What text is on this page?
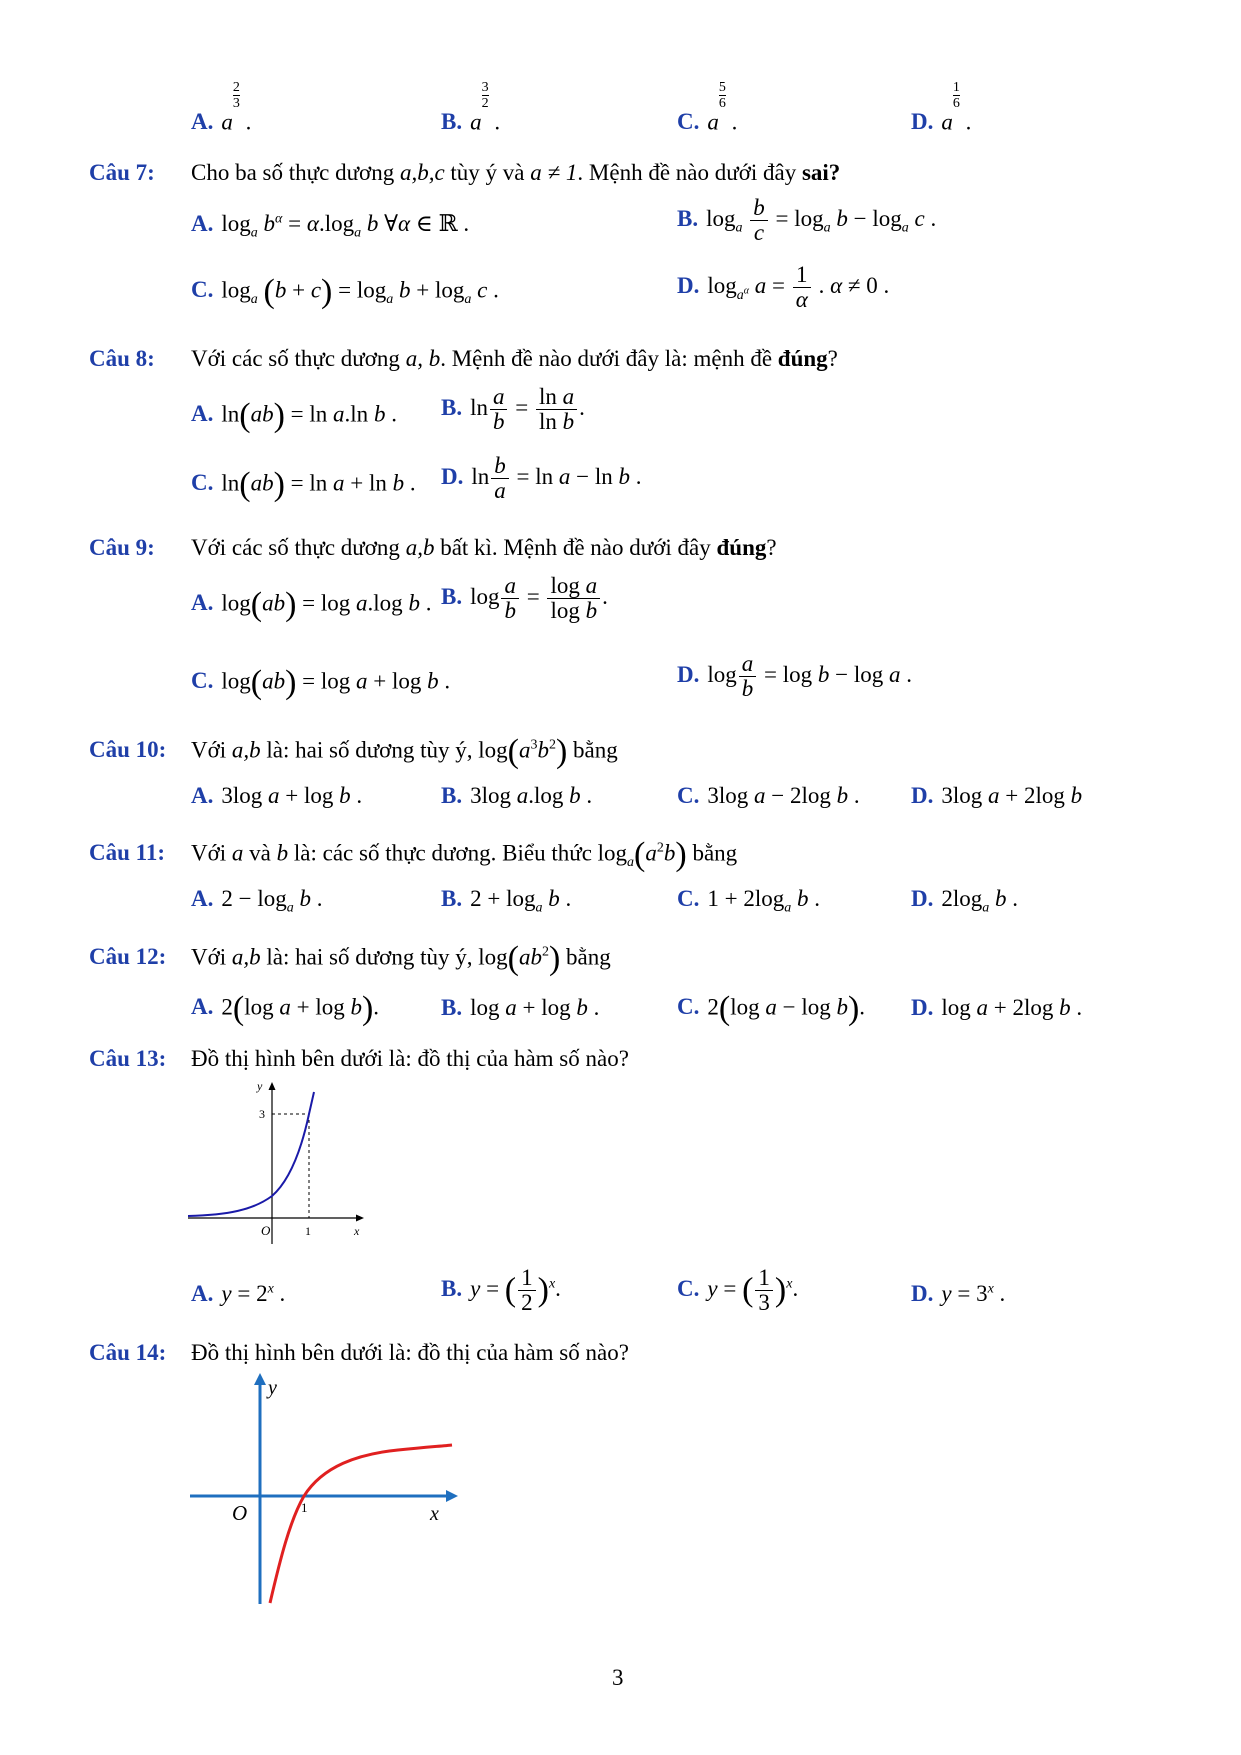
A. a
$\frac{2}{3}$
.	B. a
$\frac{3}{2}$
.	C. a
$\frac{5}{6}$
.	D. a
$\frac{1}{6}$
.
Câu 7: Cho ba số thực dương a,b,c tùy ý và a ≠ 1. Mệnh đề nào dưới đây sai?
A. $\log_a b^\alpha = \alpha.\log_a$ b ∀α ∈ ℝ .	B. $\log_a \frac{b}{c} = \log_a b - \log_a c$ .
C. $\log_a (b + c) = \log_a b + \log_a c$ .	D. $\log_{a^\alpha} a = \frac{1}{\alpha}$ . α ≠ 0 .
Câu 8: Với các số thực dương a, b. Mệnh đề nào dưới đây là: mệnh đề đúng?
A. ln(ab) = ln a.ln b . B. $\ln \frac{a}{b} = \frac{\text{ln a}}{\text{ln b}}$ .
C. ln(ab) = ln a + ln b . D. $\ln \frac{b}{a} = \ln a - \ln b$ .
Câu 9: Với các số thực dương a,b bất kì. Mệnh đề nào dưới đây đúng?
A. log(ab) = log a.log b . B. $\log \frac{a}{b} = \frac{\text{log a}}{\text{log b}}$ .
C. log(ab) = log a + log b .	D. $\log \frac{a}{b} = \log b - \log a$ .
Câu 10: Với a,b là: hai số dương tùy ý, $\log(a^3b^2)$ bằng
A. 3log a + log b .	B. 3log a.log b .	C. 3log a − 2log b . D. 3log a + 2log b
Câu 11: Với a và b là: các số thực dương. Biểu thức $\log_a(a^2b)$ bằng
A. $2 - \log_a b$ .	B. $2 + \log_a b$ .	C. $1 + 2\log_a$ b .	D. $2\log_a$ b .
Câu 12: Với a,b là: hai số dương tùy ý, $\log(ab^2)$ bằng
A. 2(log a + log b).	B. log a + log b .	C. 2(log a − log b). D. log a + 2log b .
Câu 13: Đồ thị hình bên dưới là: đồ thị của hàm số nào?
y
3
O	1	x
A. $y = 2^x$ .	B. y = ( $\frac{1}{2} )^x$.	C. y = ( $\frac{1}{3} )^x$.	D. $y = 3^x$ .
Câu 14: Đồ thị hình bên dưới là: đồ thị của hàm số nào?
y
O	1	x
3
